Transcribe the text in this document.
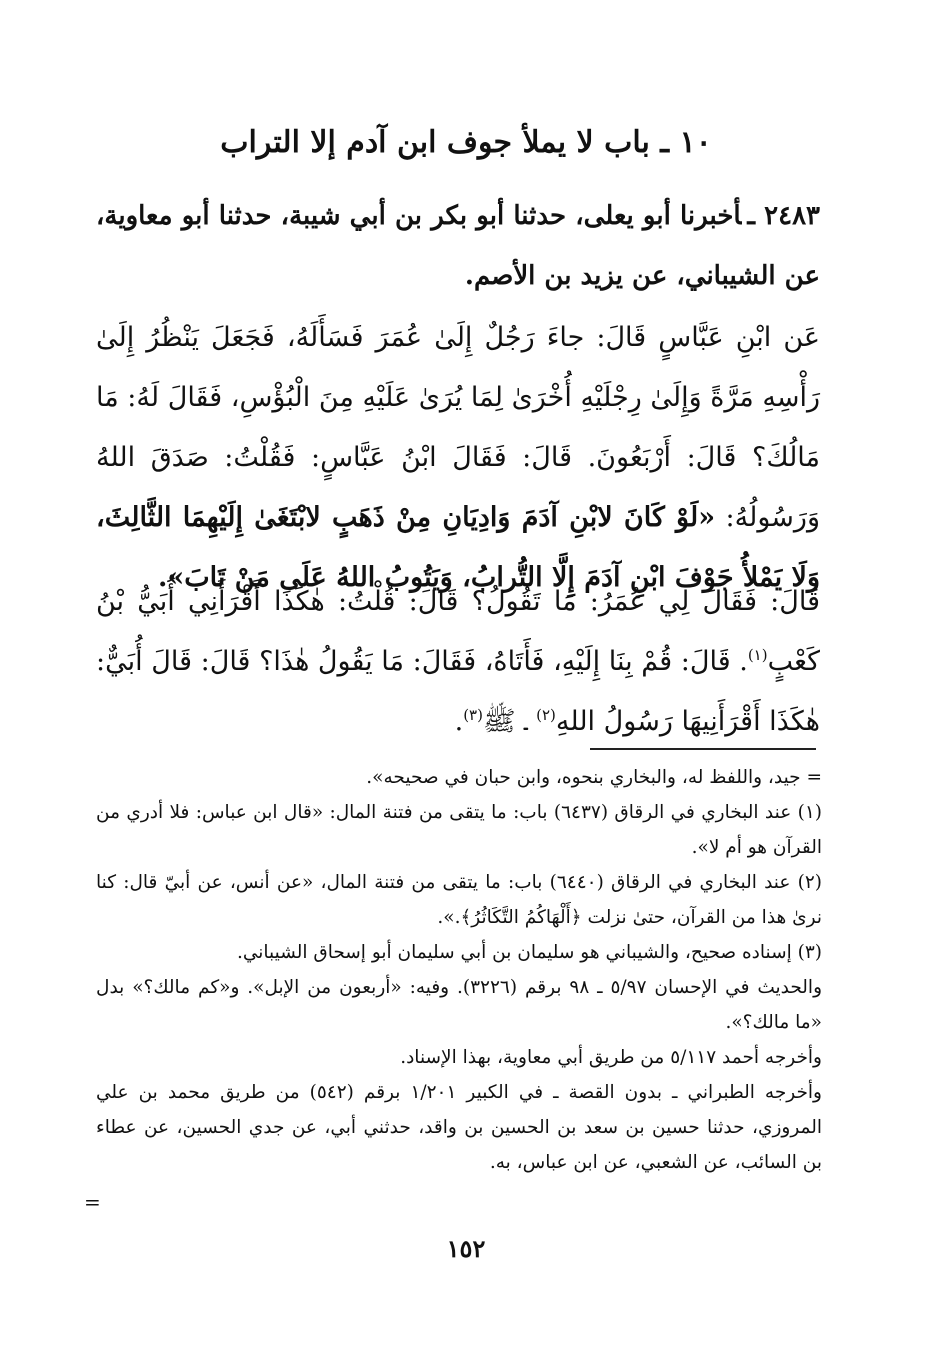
١٠ ـ باب لا يملأ جوف ابن آدم إلا التراب
٢٤٨٣ ـأخبرنا أبو يعلى، حدثنا أبو بكر بن أبي شيبة، حدثنا أبو معاوية، عن الشيباني، عن يزيد بن الأصم.
عَن ابْنِ عَبَّاسٍ قَالَ: جاءَ رَجُلٌ إِلَىٰ عُمَرَ فَسَأَلَهُ، فَجَعَلَ يَنْظُرُ إِلَىٰ رَأْسِهِ مَرَّةً وَإِلَىٰ رِجْلَيْهِ أُخْرَىٰ لِمَا يُرَىٰ عَلَيْهِ مِنَ الْبُؤْسِ، فَقَالَ لَهُ: مَا مَالُكَ؟ قَالَ: أَرْبَعُونَ. قَالَ: فَقَالَ ابْنُ عَبَّاسٍ: فَقُلْتُ: صَدَقَ اللهُ وَرَسُولُهُ: «لَوْ كَانَ لابْنِ آدَمَ وَادِيَانِ مِنْ ذَهَبٍ لابْتَغَىٰ إِلَيْهِمَا الثَّالِثَ، وَلَا يَمْلأُ جَوْفَ ابْنِ آدَمَ إِلَّا التُّرابُ، وَيَتُوبُ اللهُ عَلَى مَنْ تَابَ».
قَالَ: فَقَالَ لِي عُمَرُ: مَا تَقُولُ؟ قَالَ: قُلْتُ: هٰكَذَا أَقْرَأَنِي أُبَيُّ بْنُ كَعْبٍ$^{(١)}$. قَالَ: قُمْ بِنَا إِلَيْهِ، فَأَتَاهُ، فَقَالَ: مَا يَقُولُ هٰذَا؟ قَالَ: قَالَ أُبَيٌّ: هٰكَذَا أَقْرَأَنِيهَا رَسُولُ اللهِ$^{(٢)}$ ـ ﷺ$^{(٣)}$.
= جيد، واللفظ له، والبخاري بنحوه، وابن حبان في صحيحه».
(١) عند البخاري في الرقاق (٦٤٣٧) باب: ما يتقى من فتنة المال: «قال ابن عباس: فلا أدري من القرآن هو أم لا».
(٢) عند البخاري في الرقاق (٦٤٤٠) باب: ما يتقى من فتنة المال، «عن أنس، عن أبيّ قال: كنا نرىٰ هذا من القرآن، حتىٰ نزلت ﴿أَلْهَاكُمُ التَّكَاثُرُ﴾.».
(٣) إسناده صحيح، والشيباني هو سليمان بن أبي سليمان أبو إسحاق الشيباني.
والحديث في الإحسان ٥/٩٧ ـ ٩٨ برقم (٣٢٢٦). وفيه: «أربعون من الإبل». و«كم مالك؟» بدل «ما مالك؟».
وأخرجه أحمد ٥/١١٧ من طريق أبي معاوية، بهذا الإسناد.
وأخرجه الطبراني ـ بدون القصة ـ في الكبير ١/٢٠١ برقم (٥٤٢) من طريق محمد بن علي المروزي، حدثنا حسين بن سعد بن الحسين بن واقد، حدثني أبي، عن جدي الحسين، عن عطاء بن السائب، عن الشعبي، عن ابن عباس، به.
=
١٥٢
